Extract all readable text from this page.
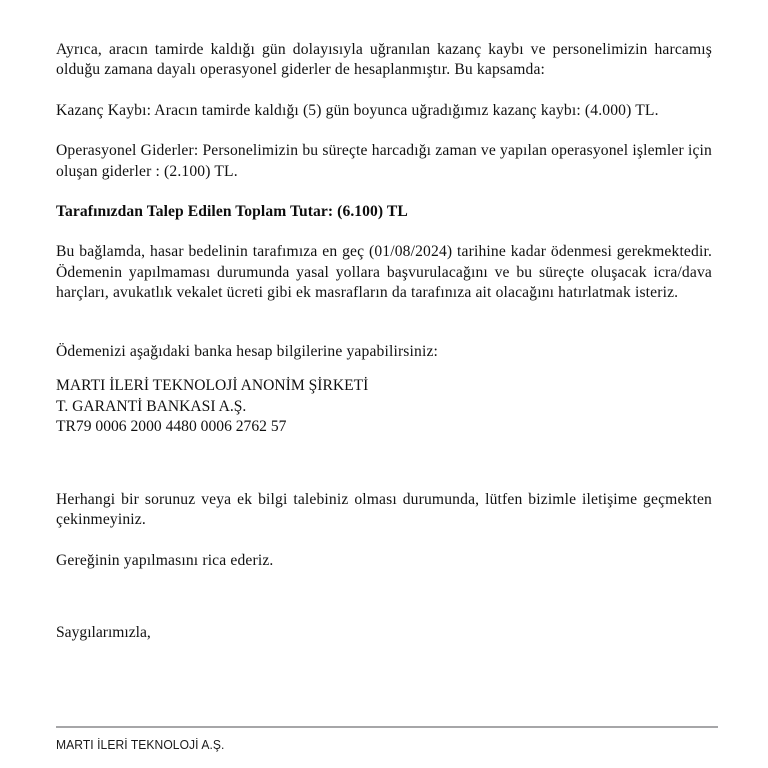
Ayrıca, aracın tamirde kaldığı gün dolayısıyla uğranılan kazanç kaybı ve personelimizin harcamış olduğu zamana dayalı operasyonel giderler de hesaplanmıştır. Bu kapsamda:

Kazanç Kaybı: Aracın tamirde kaldığı (5) gün boyunca uğradığımız kazanç kaybı: (4.000) TL.

Operasyonel Giderler: Personelimizin bu süreçte harcadığı zaman ve yapılan operasyonel işlemler için oluşan giderler : (2.100) TL.

Tarafınızdan Talep Edilen Toplam Tutar: (6.100) TL

Bu bağlamda, hasar bedelinin tarafımıza en geç (01/08/2024) tarihine kadar ödenmesi gerekmektedir. Ödemenin yapılmaması durumunda yasal yollara başvurulacağını ve bu süreçte oluşacak icra/dava harçları, avukatlık vekalet ücreti gibi ek masrafların da tarafınıza ait olacağını hatırlatmak isteriz.

Ödemenizi aşağıdaki banka hesap bilgilerine yapabilirsiniz:

MARTI İLERİ TEKNOLOJİ ANONİM ŞİRKETİ

T. GARANTİ BANKASI A.Ş.

TR79 0006 2000 4480 0006 2762 57

Herhangi bir sorunuz veya ek bilgi talebiniz olması durumunda, lütfen bizimle iletişime geçmekten çekinmeyiniz.

Gereğinin yapılmasını rica ederiz.

Saygılarımızla,

MARTI İLERİ TEKNOLOJİ A.Ş.
